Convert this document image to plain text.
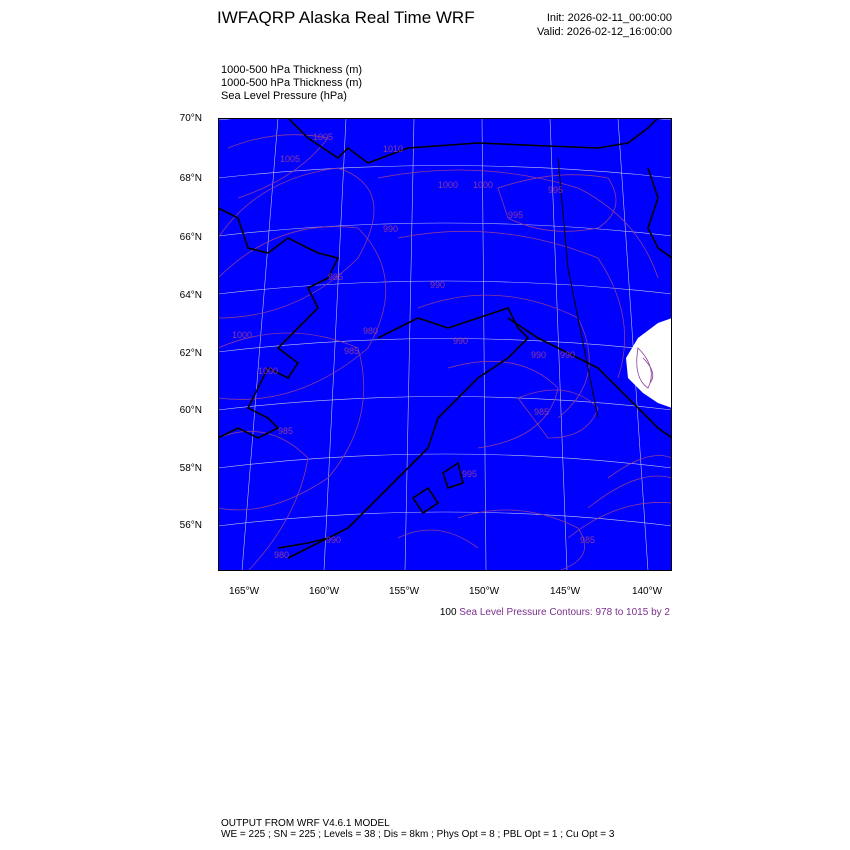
IWFAQRP Alaska Real Time WRF	Init: 2026-02-11_00:00:00
Valid: 2026-02-12_16:00:00
1000-500 hPa Thickness (m)
1000-500 hPa Thickness (m)
Sea Level Pressure (hPa)
70°N
68°N
66°N
64°N
62°N
60°N
58°N
56°N
165°W	160°W	155°W	150°W	145°W	140°W
1005
1010
1005
1000	995
1000
990
985
990
995
1000
985
990
990 990
1000
995
985
980
985
980
990	985
100 Sea Level Pressure Contours: 978 to 1015 by 2
OUTPUT FROM WRF V4.6.1 MODEL
WE = 225 ; SN = 225 ; Levels = 38 ; Dis = 8km ; Phys Opt = 8 ; PBL Opt = 1 ; Cu Opt = 3
